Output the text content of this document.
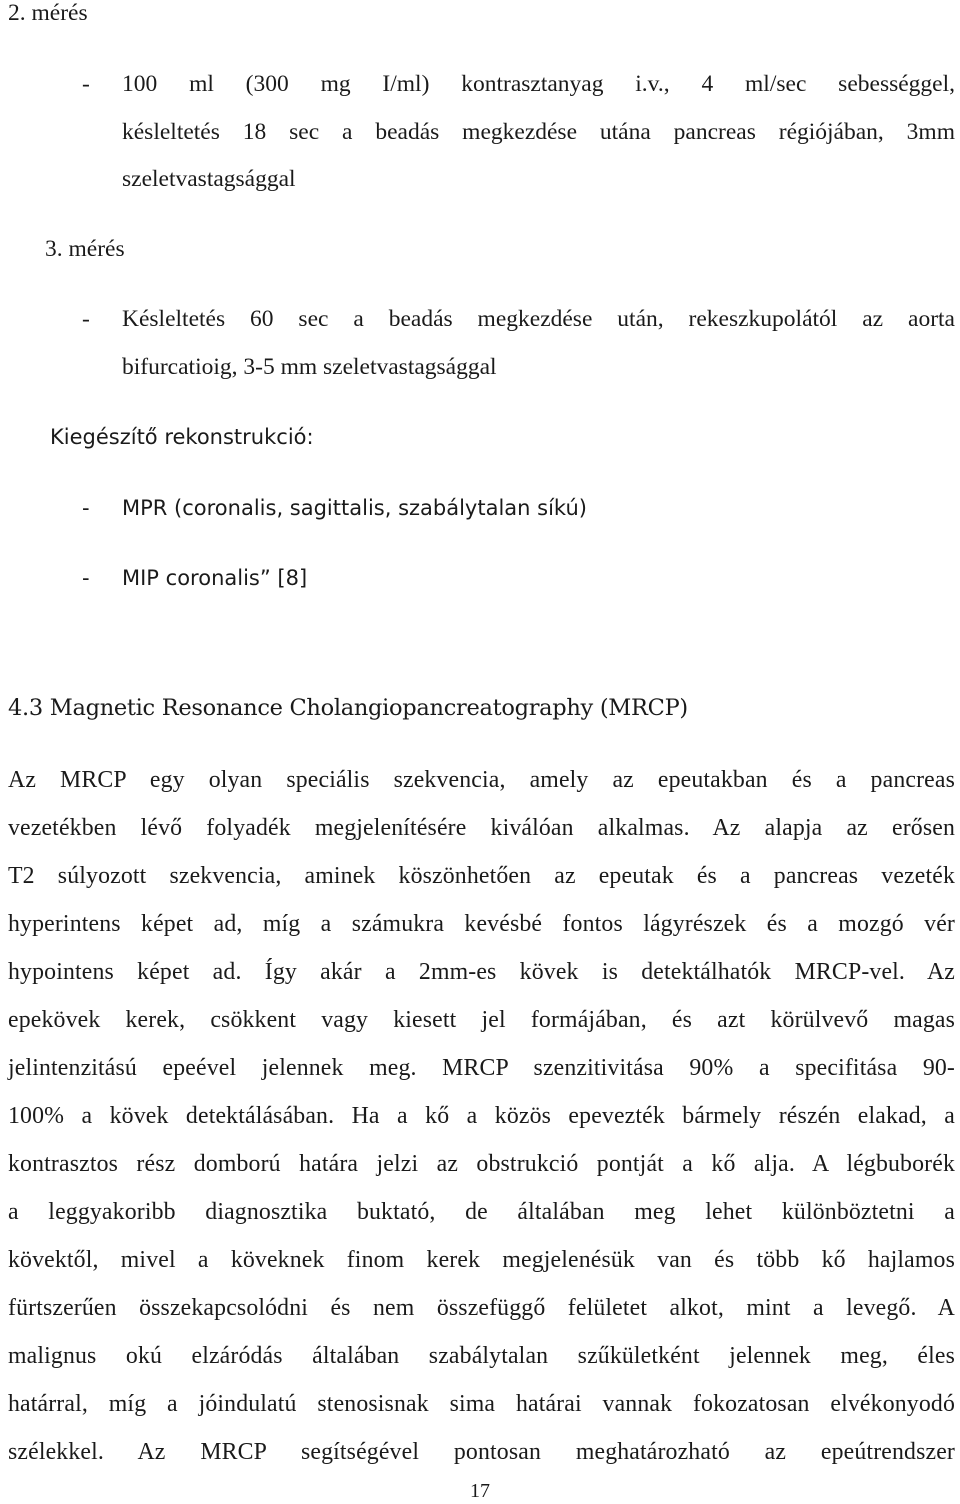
2. mérés
- 100 ml (300 mg I/ml) kontrasztanyag i.v., 4 ml/sec sebességgel,
késleltetés 18 sec a beadás megkezdése utána pancreas régiójában, 3mm
szeletvastagsággal
3. mérés
- Késleltetés 60 sec a beadás megkezdése után, rekeszkupolától az aorta
bifurcatioig, 3-5 mm szeletvastagsággal
Kiegészítő rekonstrukció:
- MPR (coronalis, sagittalis, szabálytalan síkú)
- MIP coronalis” [8]
4.3 Magnetic Resonance Cholangiopancreatography (MRCP)
Az MRCP egy olyan speciális szekvencia, amely az epeutakban és a pancreas
vezetékben lévő folyadék megjelenítésére kiválóan alkalmas. Az alapja az erősen
T2 súlyozott szekvencia, aminek köszönhetően az epeutak és a pancreas vezeték
hyperintens képet ad, míg a számukra kevésbé fontos lágyrészek és a mozgó vér
hypointens képet ad. Így akár a 2mm-es kövek is detektálhatók MRCP-vel. Az
epekövek kerek, csökkent vagy kiesett jel formájában, és azt körülvevő magas
jelintenzitású epeével jelennek meg. MRCP szenzitivitása 90% a specifitása 90-
100% a kövek detektálásában. Ha a kő a közös epevezték bármely részén elakad, a
kontrasztos rész domború határa jelzi az obstrukció pontját a kő alja. A légbuborék
a leggyakoribb diagnosztika buktató, de általában meg lehet különböztetni a
kövektől, mivel a köveknek finom kerek megjelenésük van és több kő hajlamos
fürtszerűen összekapcsolódni és nem összefüggő felületet alkot, mint a levegő. A
malignus okú elzáródás általában szabálytalan szűkületként jelennek meg, éles
határral, míg a jóindulatú stenosisnak sima határai vannak fokozatosan elvékonyodó
szélekkel. Az MRCP segítségével pontosan meghatározható az epeútrendszer
17
